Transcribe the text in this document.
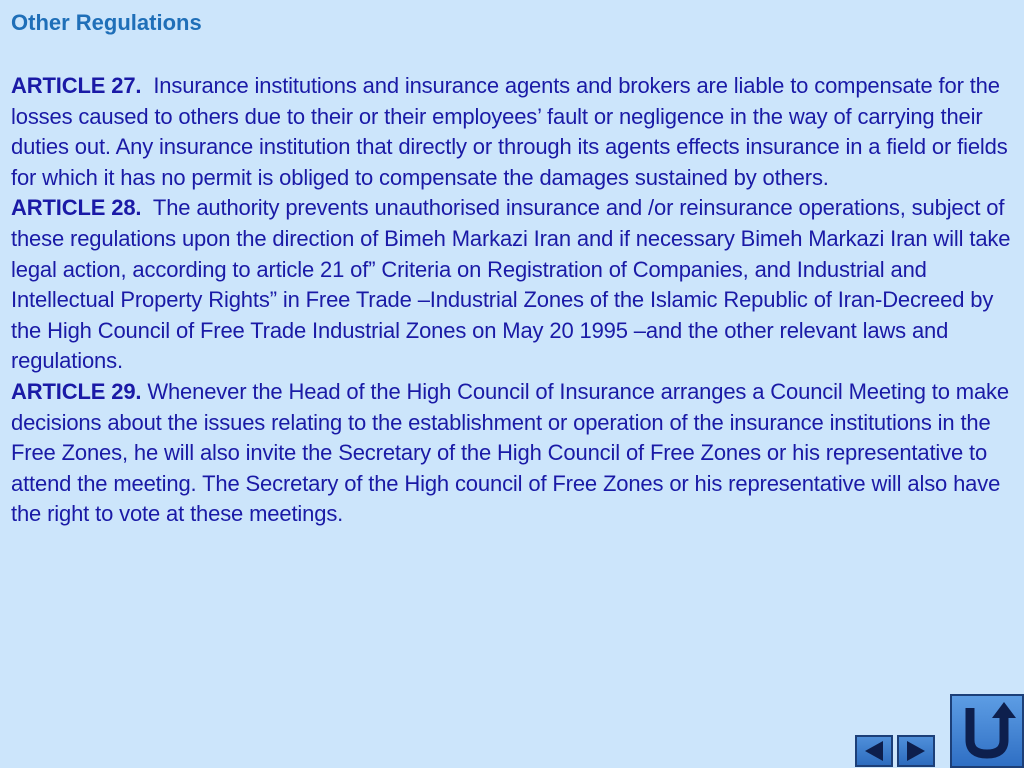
Other Regulations

ARTICLE 27. Insurance institutions and insurance agents and brokers are liable to compensate for the losses caused to others due to their or their employees’ fault or negligence in the way of carrying their duties out. Any insurance institution that directly or through its agents effects insurance in a field or fields for which it has no permit is obliged to compensate the damages sustained by others.

ARTICLE 28. The authority prevents unauthorised insurance and /or reinsurance operations, subject of these regulations upon the direction of Bimeh Markazi Iran and if necessary Bimeh Markazi Iran will take legal action, according to article 21 of” Criteria on Registration of Companies, and Industrial and Intellectual Property Rights” in Free Trade –Industrial Zones of the Islamic Republic of Iran-Decreed by the High Council of Free Trade Industrial Zones on May 20 1995 –and the other relevant laws and regulations.

ARTICLE 29. Whenever the Head of the High Council of Insurance arranges a Council Meeting to make decisions about the issues relating to the establishment or operation of the insurance institutions in the Free Zones, he will also invite the Secretary of the High Council of Free Zones or his representative to attend the meeting. The Secretary of the High council of Free Zones or his representative will also have the right to vote at these meetings.
